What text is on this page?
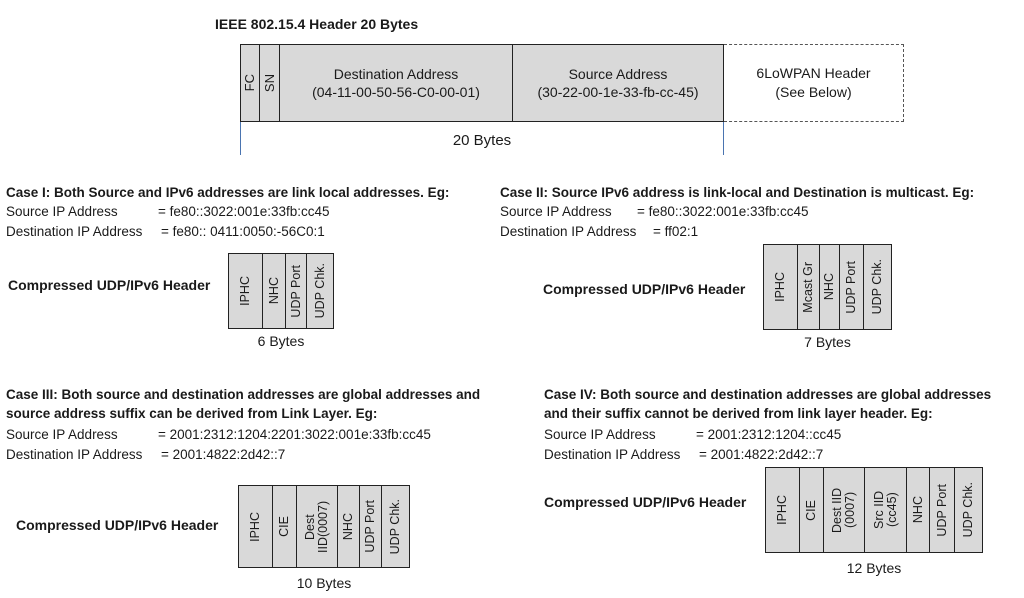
IEEE 802.15.4 Header 20 Bytes
FC SN	Destination Address
(04-11-00-50-56-C0-00-01)
Source Address
(30-22-00-1e-33-fb-cc-45)
6LoWPAN Header
(See Below)
20 Bytes
Case I: Both Source and IPv6 addresses are link local addresses. Eg:
Source IP Address	= fe80::3022:001e:33fb:cc45
Destination IP Address = fe80:: 0411:0050:-56C0:1
Compressed UDP/IPv6 Header IPHC NHC UDP Port UDP Chk.
6 Bytes
Case II: Source IPv6 address is link-local and Destination is multicast. Eg:
Source IP Address = fe80::3022:001e:33fb:cc45
Destination IP Address = ff02:1
Compressed UDP/IPv6 Header IPHC Mcast Gr NHC UDP Port UDP Chk.
7 Bytes
Case III: Both source and destination addresses are global addresses and
source address suffix can be derived from Link Layer. Eg:
Source IP Address	= 2001:2312:1204:2201:3022:001e:33fb:cc45
Destination IP Address = 2001:4822:2d42::7
Compressed UDP/IPv6 Header IPHC CIE Dest IID(0007) NHC UDP Port UDP Chk.
10 Bytes
Case IV: Both source and destination addresses are global addresses
and their suffix cannot be derived from link layer header. Eg:
Source IP Address	= 2001:2312:1204::cc45
Destination IP Address = 2001:4822:2d42::7
Compressed UDP/IPv6 Header IPHC CIE Dest IID (0007) Src IID (cc45) NHC UDP Port UDP Chk.
12 Bytes
